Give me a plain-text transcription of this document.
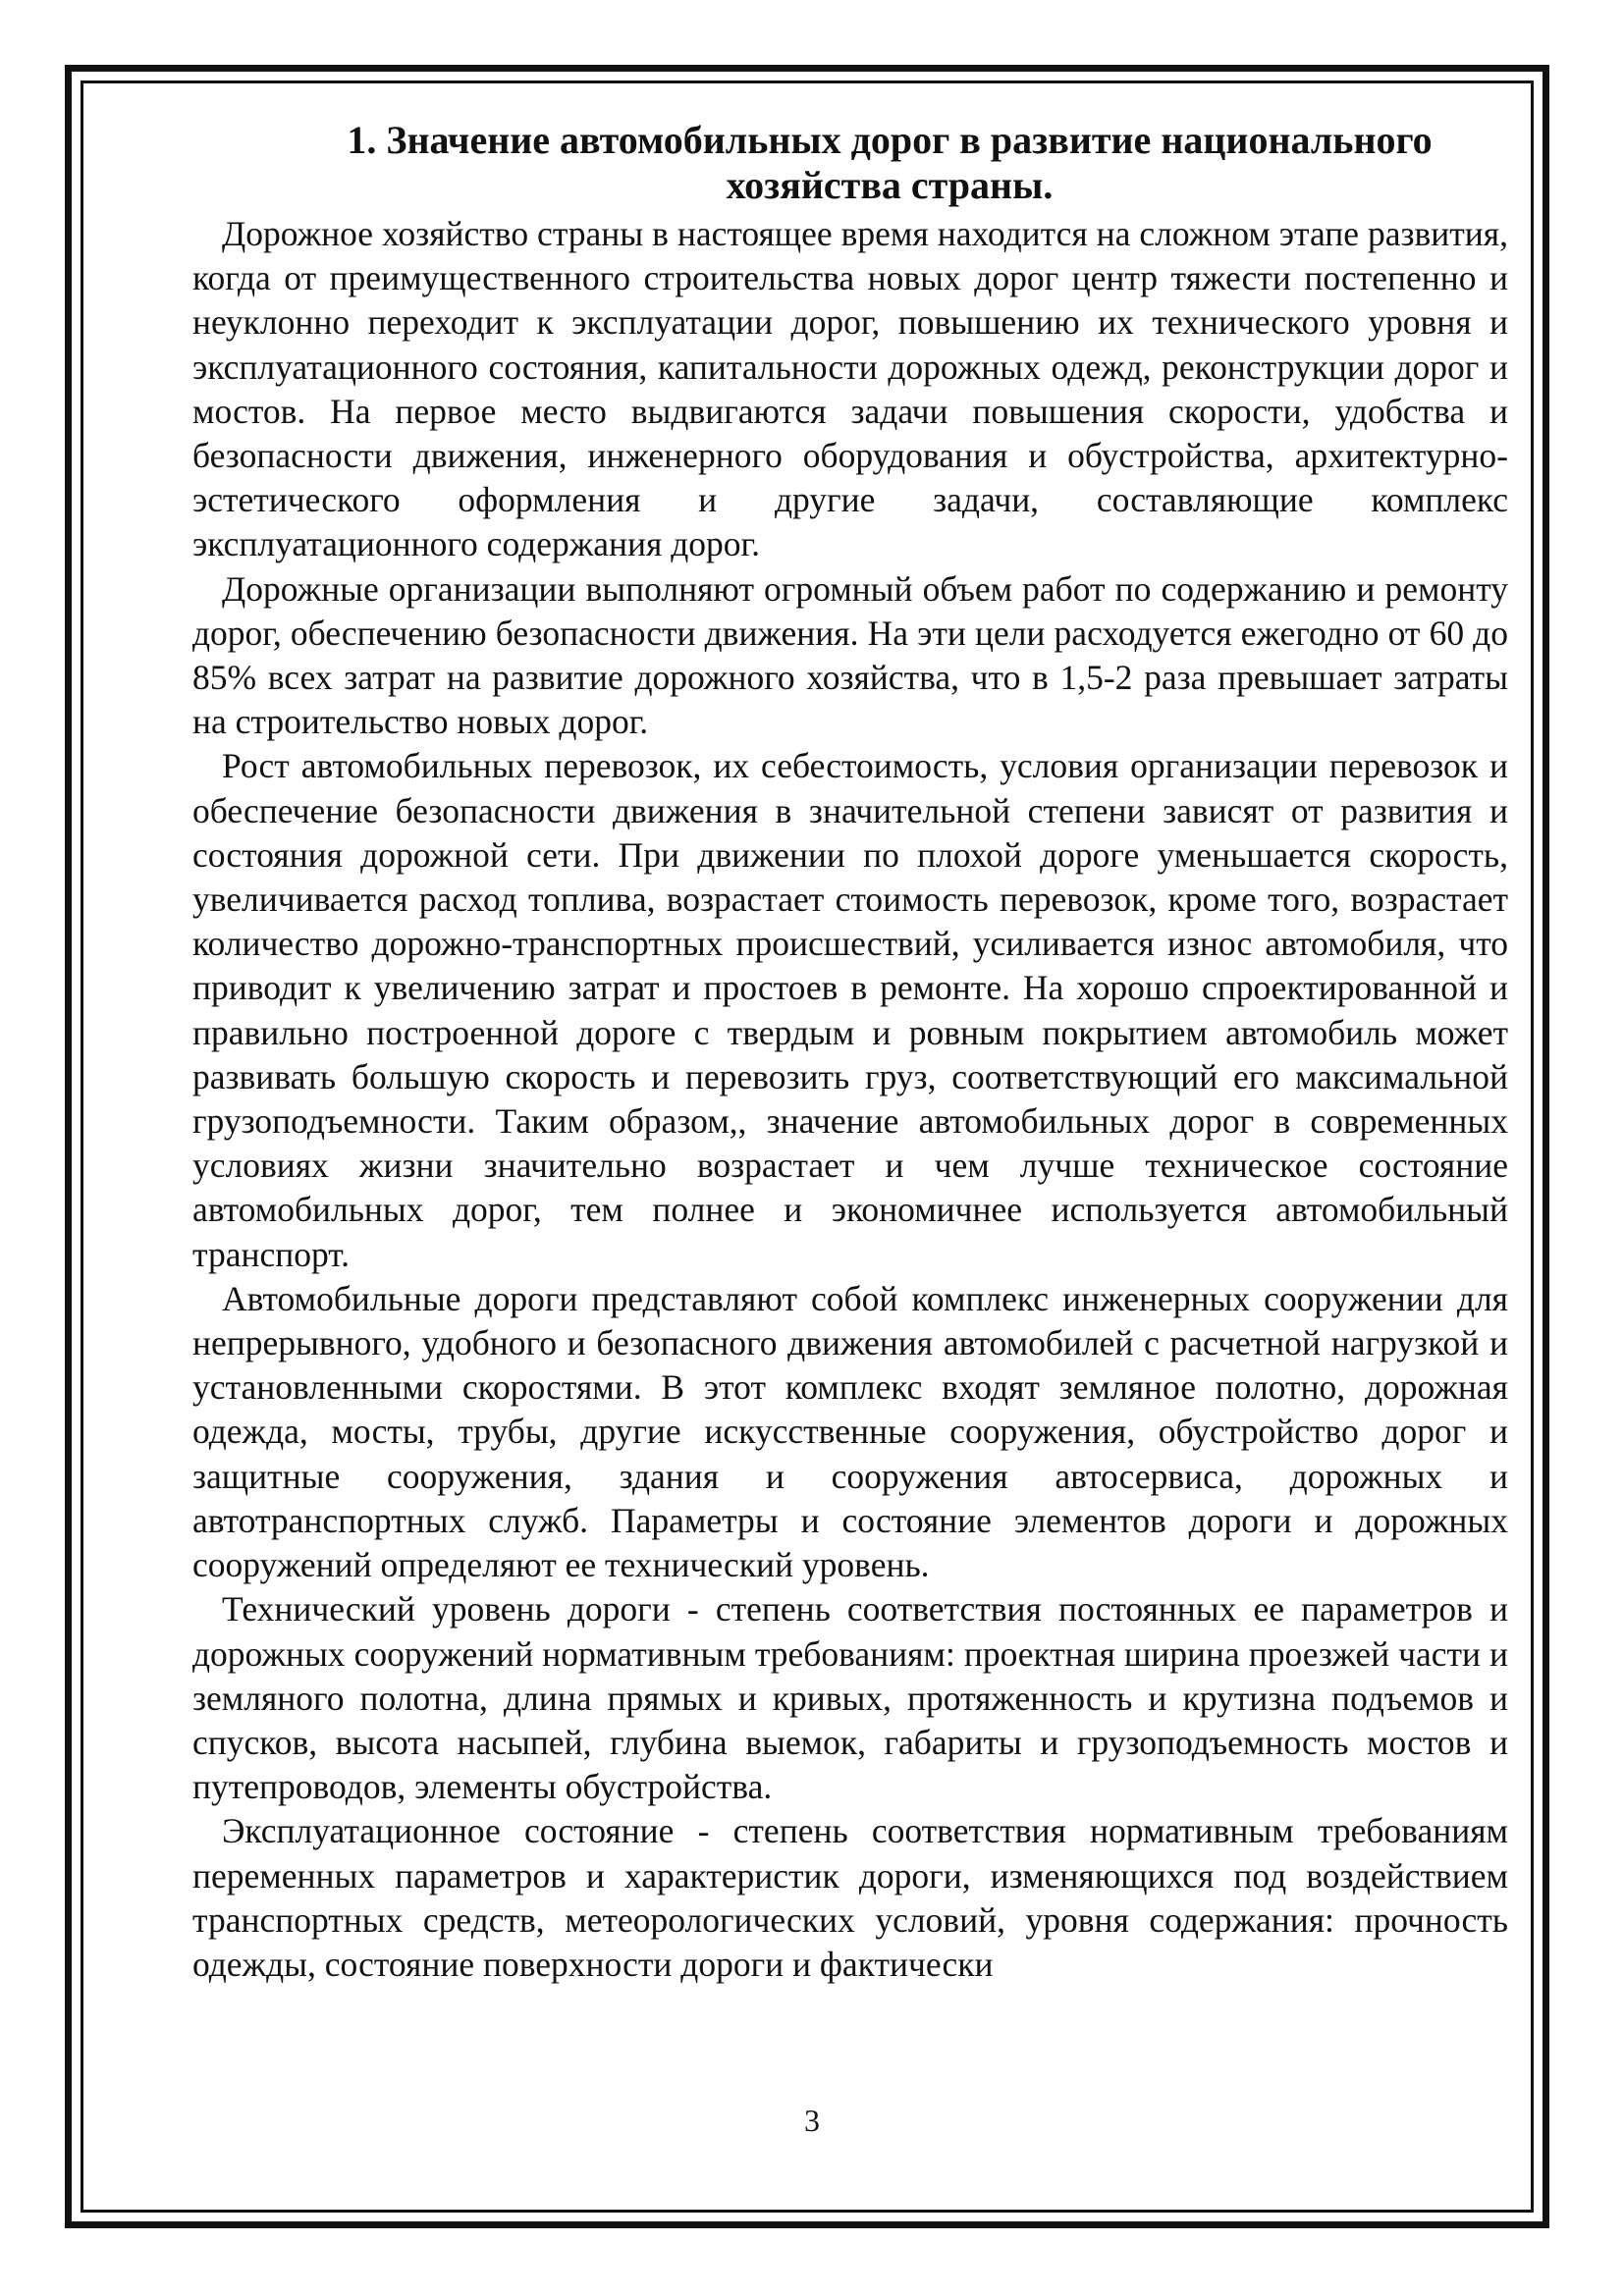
1. Значение автомобильных дорог в развитие национального
хозяйства страны.

Дорожное хозяйство страны в настоящее время находится на сложном этапе развития, когда от преимущественного строительства новых дорог центр тяжести постепенно и неуклонно переходит к эксплуатации дорог, повышению их технического уровня и эксплуатационного состояния, капитальности дорожных одежд, реконструкции дорог и мостов. На первое место выдвигаются задачи повышения скорости, удобства и безопасности движения, инженерного оборудования и обустройства, архитектурно-эстетического оформления и другие задачи, составляющие комплекс эксплуатационного содержания дорог.

Дорожные организации выполняют огромный объем работ по содержанию и ремонту дорог, обеспечению безопасности движения. На эти цели расходуется ежегодно от 60 до 85% всех затрат на развитие дорожного хозяйства, что в 1,5-2 раза превышает затраты на строительство новых дорог.

Рост автомобильных перевозок, их себестоимость, условия организации перевозок и обеспечение безопасности движения в значительной степени зависят от развития и состояния дорожной сети. При движении по плохой дороге уменьшается скорость, увеличивается расход топлива, возрастает стоимость перевозок, кроме того, возрастает количество дорожно-транспортных происшествий, усиливается износ автомобиля, что приводит к увеличению затрат и простоев в ремонте. На хорошо спроектированной и правильно построенной дороге с твердым и ровным покрытием автомобиль может развивать большую скорость и перевозить груз, соответствующий его максимальной грузоподъемности. Таким образом,, значение автомобильных дорог в современных условиях жизни значительно возрастает и чем лучше техническое состояние автомобильных дорог, тем полнее и экономичнее используется автомобильный транспорт.

Автомобильные дороги представляют собой комплекс инженерных сооружении для непрерывного, удобного и безопасного движения автомобилей с расчетной нагрузкой и установленными скоростями. В этот комплекс входят земляное полотно, дорожная одежда, мосты, трубы, другие искусственные сооружения, обустройство дорог и защитные сооружения, здания и сооружения автосервиса, дорожных и автотранспортных служб. Параметры и состояние элементов дороги и дорожных сооружений определяют ее технический уровень.

Технический уровень дороги - степень соответствия постоянных ее параметров и дорожных сооружений нормативным требованиям: проектная ширина проезжей части и земляного полотна, длина прямых и кривых, протяженность и крутизна подъемов и спусков, высота насыпей, глубина выемок, габариты и грузоподъемность мостов и путепроводов, элементы обустройства.

Эксплуатационное состояние - степень соответствия нормативным требованиям переменных параметров и характеристик дороги, изменяющихся под воздействием транспортных средств, метеорологических условий, уровня содержания: прочность одежды, состояние поверхности дороги и фактически

3
